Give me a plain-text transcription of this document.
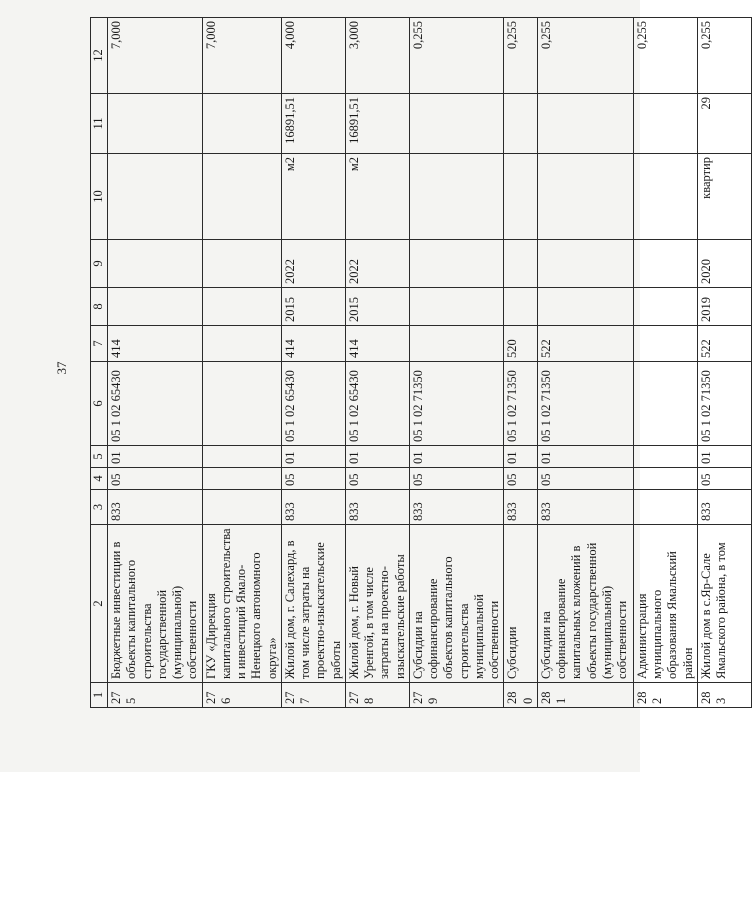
37
1	2	3	4	5	6	7	8	9	10	11	12
275	Бюджетные инвестиции в объекты капитального строительства государственной (муниципальной) собственности	833	05	01	05 1 02 65430	414					7,000
276	ГКУ «Дирекция капитального строительства и инвестиций Ямало-Ненецкого автономного округа»										7,000
277	Жилой дом, г. Салехард, в том числе затраты на проектно-изыскательские работы	833	05	01	05 1 02 65430	414	2015	2022	м2	16891,51	4,000
278	Жилой дом, г. Новый Уренгой, в том числе затраты на проектно-изыскательские работы	833	05	01	05 1 02 65430	414	2015	2022	м2	16891,51	3,000
279	Субсидии на софинансирование объектов капитального строительства муниципальной собственности	833	05	01	05 1 02 71350						0,255
280	Субсидии	833	05	01	05 1 02 71350	520					0,255
281	Субсидии на софинансирование капитальных вложений в объекты государственной (муниципальной) собственности	833	05	01	05 1 02 71350	522					0,255
282	Администрация муниципального образования Ямальский район										0,255
283	Жилой дом в с.Яр-Сале Ямальского района, в том	833	05	01	05 1 02 71350	522	2019	2020	квартир	29	0,255
